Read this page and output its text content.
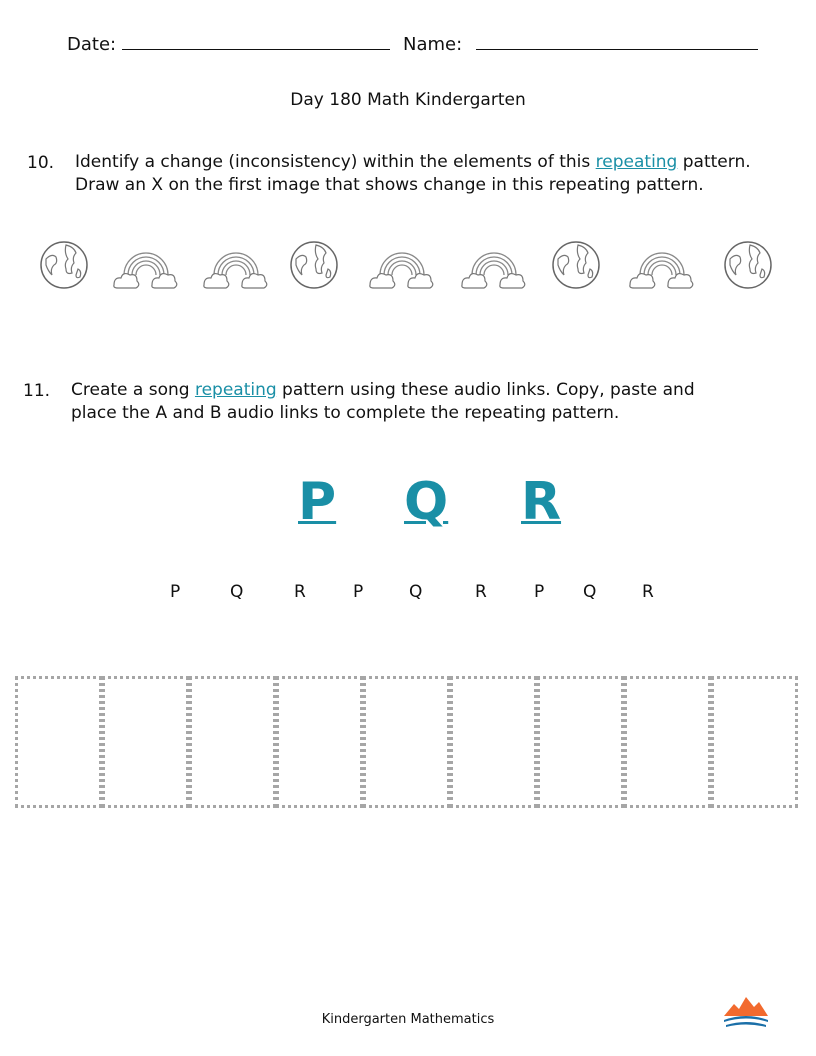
Date:	Name:
Day 180 Math Kindergarten
10. Identify a change (inconsistency) within the elements of this repeating pattern.
Draw an X on the first image that shows change in this repeating pattern.
11. Create a song repeating pattern using these audio links. Copy, paste and
place the A and B audio links to complete the repeating pattern.
P Q R
P	Q	R	P	Q	R	P Q	R
Kindergarten Mathematics
